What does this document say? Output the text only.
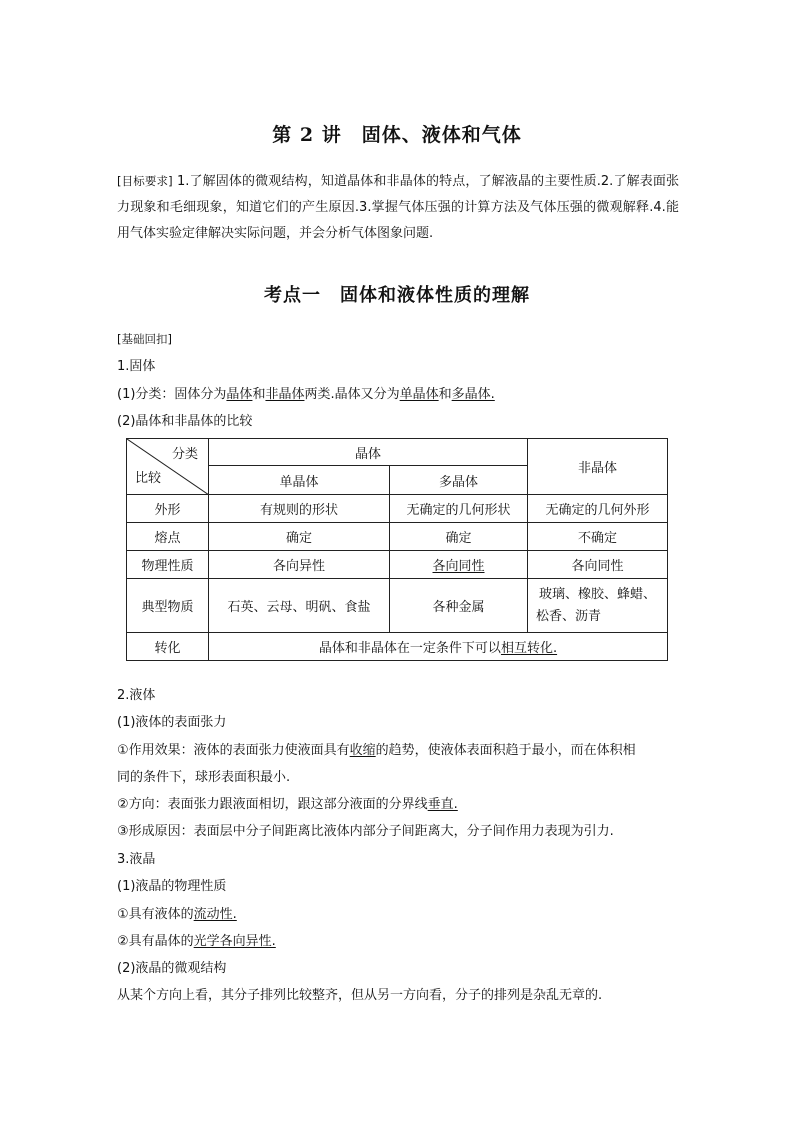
第 2 讲　固体、液体和气体
[目标要求] 1.了解固体的微观结构，知道晶体和非晶体的特点，了解液晶的主要性质.2.了解表面张力现象和毛细现象，知道它们的产生原因.3.掌握气体压强的计算方法及气体压强的微观解释.4.能用气体实验定律解决实际问题，并会分析气体图象问题.
考点一　固体和液体性质的理解
[基础回扣]
1.固体
(1)分类：固体分为晶体和非晶体两类.晶体又分为单晶体和多晶体.
(2)晶体和非晶体的比较
分类
比较	晶体		非晶体
	单晶体	多晶体	
外形	有规则的形状	无确定的几何形状	无确定的几何外形
熔点	确定	确定	不确定
物理性质	各向异性	各向同性	各向同性
典型物质	石英、云母、明矾、食盐	各种金属	玻璃、橡胶、蜂蜡、
松香、沥青

转化	晶体和非晶体在一定条件下可以相互转化.		
2.液体
(1)液体的表面张力
①作用效果：液体的表面张力使液面具有收缩的趋势，使液体表面积趋于最小，而在体积相
同的条件下，球形表面积最小.
②方向：表面张力跟液面相切，跟这部分液面的分界线垂直.
③形成原因：表面层中分子间距离比液体内部分子间距离大，分子间作用力表现为引力.
3.液晶
(1)液晶的物理性质
①具有液体的流动性.
②具有晶体的光学各向异性.
(2)液晶的微观结构
从某个方向上看，其分子排列比较整齐，但从另一方向看，分子的排列是杂乱无章的.
